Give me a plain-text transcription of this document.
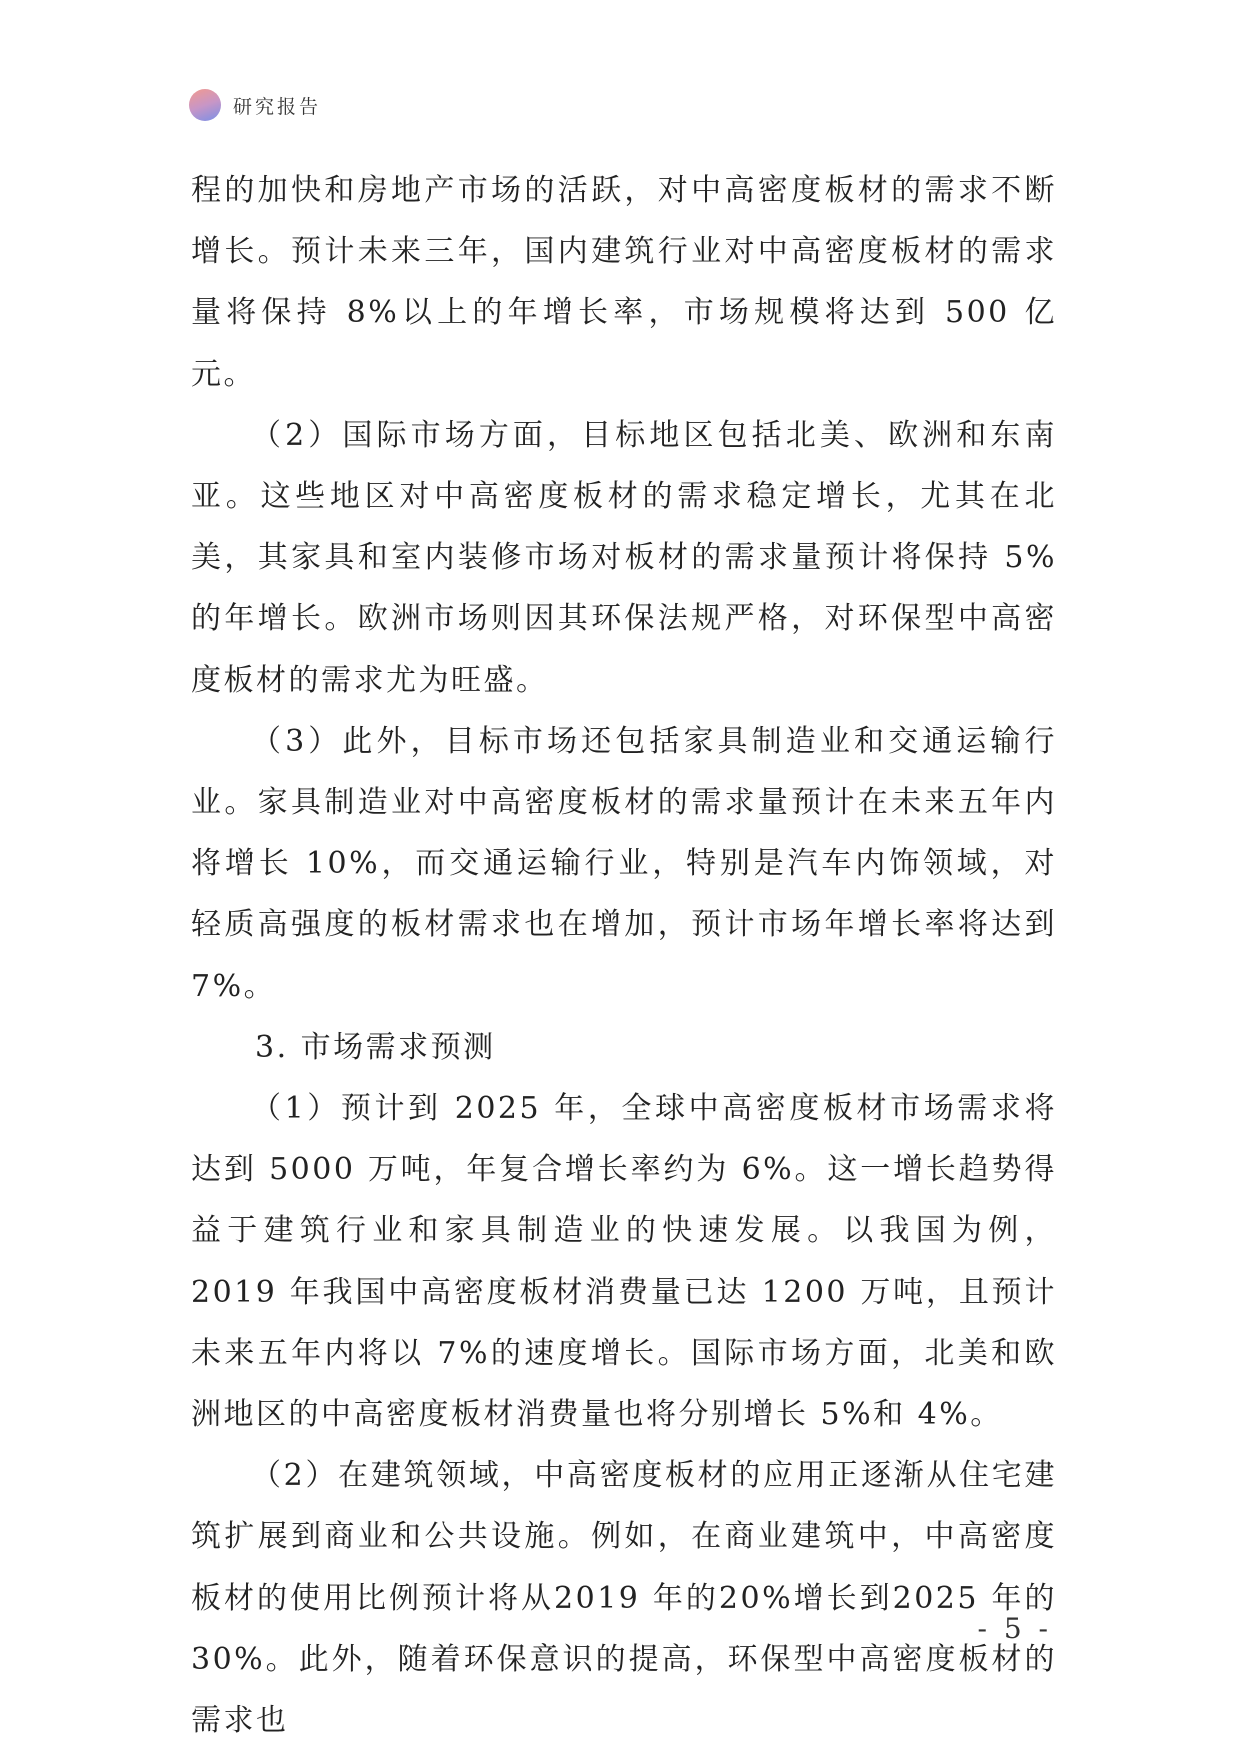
研究报告

程的加快和房地产市场的活跃，对中高密度板材的需求不断增长。预计未来三年，国内建筑行业对中高密度板材的需求量将保持 8%以上的年增长率，市场规模将达到 500 亿元。

（2）国际市场方面，目标地区包括北美、欧洲和东南亚。这些地区对中高密度板材的需求稳定增长，尤其在北美，其家具和室内装修市场对板材的需求量预计将保持 5%的年增长。欧洲市场则因其环保法规严格，对环保型中高密度板材的需求尤为旺盛。

（3）此外，目标市场还包括家具制造业和交通运输行业。家具制造业对中高密度板材的需求量预计在未来五年内将增长 10%，而交通运输行业，特别是汽车内饰领域，对轻质高强度的板材需求也在增加，预计市场年增长率将达到 7%。

3. 市场需求预测

（1）预计到 2025 年，全球中高密度板材市场需求将达到 5000 万吨，年复合增长率约为 6%。这一增长趋势得益于建筑行业和家具制造业的快速发展。以我国为例，2019 年我国中高密度板材消费量已达 1200 万吨，且预计未来五年内将以 7%的速度增长。国际市场方面，北美和欧洲地区的中高密度板材消费量也将分别增长 5%和 4%。

（2）在建筑领域，中高密度板材的应用正逐渐从住宅建筑扩展到商业和公共设施。例如，在商业建筑中，中高密度板材的使用比例预计将从2019 年的20%增长到2025 年的30%。此外，随着环保意识的提高，环保型中高密度板材的需求也

- 5 -
